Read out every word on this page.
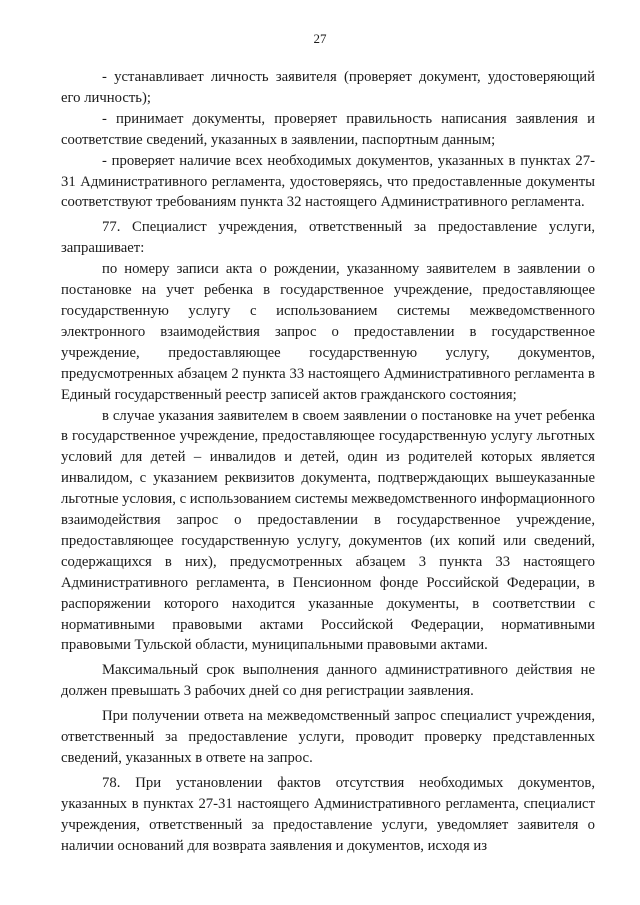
27

- устанавливает личность заявителя (проверяет документ, удостоверяющий его личность);

- принимает документы, проверяет правильность написания заявления и соответствие сведений, указанных в заявлении, паспортным данным;

- проверяет наличие всех необходимых документов, указанных в пунктах 27-31 Административного регламента, удостоверяясь, что предоставленные документы соответствуют требованиям пункта 32 настоящего Административного регламента.

77. Специалист учреждения, ответственный за предоставление услуги, запрашивает:

по номеру записи акта о рождении, указанному заявителем в заявлении о постановке на учет ребенка в государственное учреждение, предоставляющее государственную услугу с использованием системы межведомственного электронного взаимодействия запрос о предоставлении в государственное учреждение, предоставляющее государственную услугу, документов, предусмотренных абзацем 2 пункта 33 настоящего Административного регламента в Единый государственный реестр записей актов гражданского состояния;

в случае указания заявителем в своем заявлении о постановке на учет ребенка в государственное учреждение, предоставляющее государственную услугу льготных условий для детей – инвалидов и детей, один из родителей которых является инвалидом, с указанием реквизитов документа, подтверждающих вышеуказанные льготные условия, с использованием системы межведомственного информационного взаимодействия запрос о предоставлении в государственное учреждение, предоставляющее государственную услугу, документов (их копий или сведений, содержащихся в них), предусмотренных абзацем 3 пункта 33 настоящего Административного регламента, в Пенсионном фонде Российской Федерации, в распоряжении которого находится указанные документы, в соответствии с нормативными правовыми актами Российской Федерации, нормативными правовыми Тульской области, муниципальными правовыми актами.

Максимальный срок выполнения данного административного действия не должен превышать 3 рабочих дней со дня регистрации заявления.

При получении ответа на межведомственный запрос специалист учреждения, ответственный за предоставление услуги, проводит проверку представленных сведений, указанных в ответе на запрос.

78. При установлении фактов отсутствия необходимых документов, указанных в пунктах 27-31 настоящего Административного регламента, специалист учреждения, ответственный за предоставление услуги, уведомляет заявителя о наличии оснований для возврата заявления и документов, исходя из
